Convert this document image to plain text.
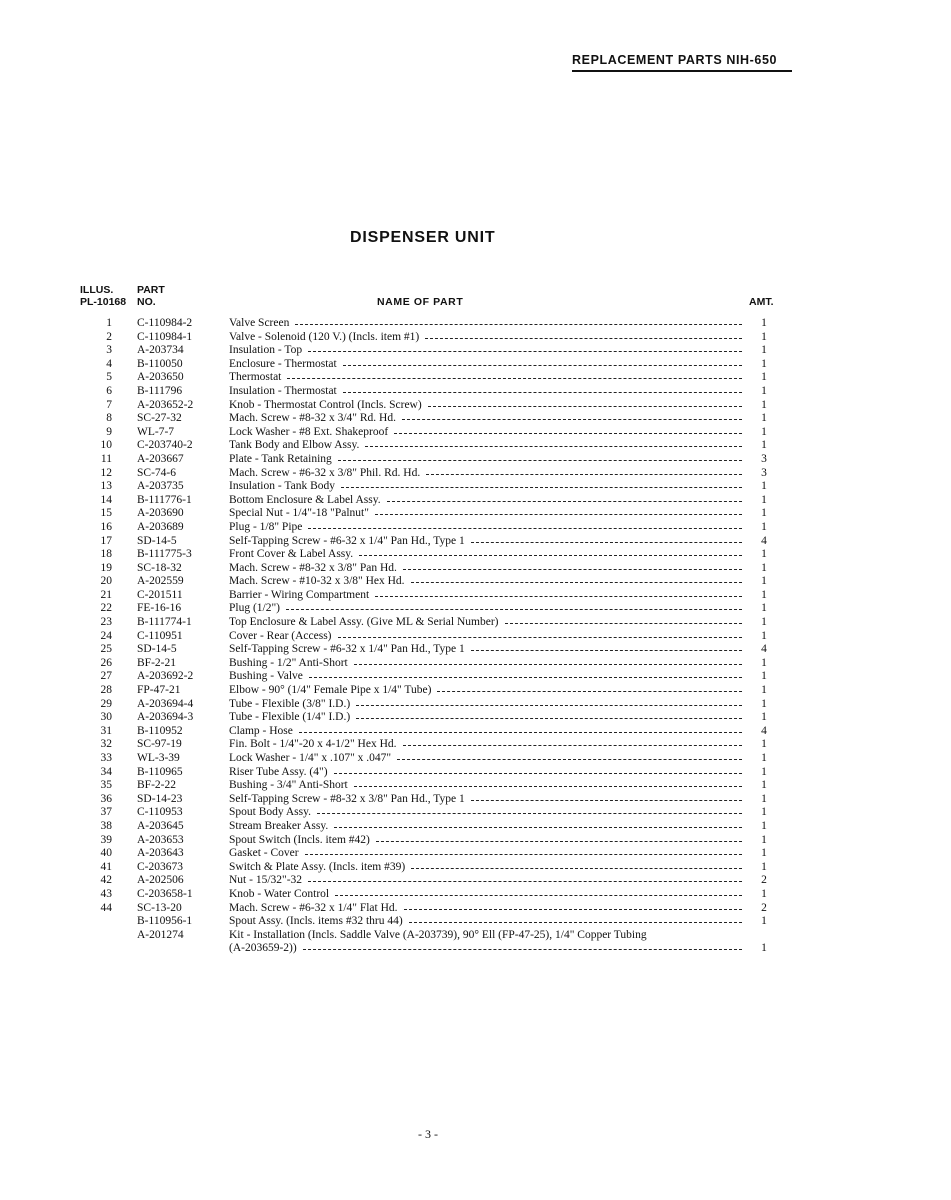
REPLACEMENT PARTS NIH-650
DISPENSER UNIT
ILLUS.
PL-10168
PART
NO.	NAME OF PART	AMT.
1 C-110984-2	Valve Screen	1
2 C-110984-1	Valve - Solenoid (120 V.) (Incls. item #1)	1
3 A-203734	Insulation - Top	1
4 B-110050	Enclosure - Thermostat	1
5 A-203650	Thermostat	1
6 B-111796	Insulation - Thermostat	1
7 A-203652-2	Knob - Thermostat Control (Incls. Screw)	1
8 SC-27-32	Mach. Screw - #8-32 x 3/4" Rd. Hd.	1
9 WL-7-7	Lock Washer - #8 Ext. Shakeproof	1
10 C-203740-2	Tank Body and Elbow Assy.	1
11 A-203667	Plate - Tank Retaining	3
12 SC-74-6	Mach. Screw - #6-32 x 3/8" Phil. Rd. Hd.	3
13 A-203735	Insulation - Tank Body	1
14 B-111776-1	Bottom Enclosure & Label Assy.	1
15 A-203690	Special Nut - 1/4"-18 "Palnut"	1
16 A-203689	Plug - 1/8" Pipe	1
17 SD-14-5	Self-Tapping Screw - #6-32 x 1/4" Pan Hd., Type 1	4
18 B-111775-3	Front Cover & Label Assy.	1
19 SC-18-32	Mach. Screw - #8-32 x 3/8" Pan Hd.	1
20 A-202559	Mach. Screw - #10-32 x 3/8" Hex Hd.	1
21 C-201511	Barrier - Wiring Compartment	1
22 FE-16-16	Plug (1/2")	1
23 B-111774-1	Top Enclosure & Label Assy. (Give ML & Serial Number)	1
24 C-110951	Cover - Rear (Access)	1
25 SD-14-5	Self-Tapping Screw - #6-32 x 1/4" Pan Hd., Type 1	4
26 BF-2-21	Bushing - 1/2" Anti-Short	1
27 A-203692-2	Bushing - Valve	1
28 FP-47-21	Elbow - 90° (1/4" Female Pipe x 1/4" Tube)	1
29 A-203694-4	Tube - Flexible (3/8" I.D.)	1
30 A-203694-3	Tube - Flexible (1/4" I.D.)	1
31 B-110952	Clamp - Hose	4
32 SC-97-19	Fin. Bolt - 1/4"-20 x 4-1/2" Hex Hd.	1
33 WL-3-39	Lock Washer - 1/4" x .107" x .047"	1
34 B-110965	Riser Tube Assy. (4")	1
35 BF-2-22	Bushing - 3/4" Anti-Short	1
36 SD-14-23	Self-Tapping Screw - #8-32 x 3/8" Pan Hd., Type 1	1
37 C-110953	Spout Body Assy.	1
38 A-203645	Stream Breaker Assy.	1
39 A-203653	Spout Switch (Incls. item #42)	1
40 A-203643	Gasket - Cover	1
41 C-203673	Switch & Plate Assy. (Incls. item #39)	1
42 A-202506	Nut - 15/32"-32	2
43 C-203658-1	Knob - Water Control	1
44 SC-13-20	Mach. Screw - #6-32 x 1/4" Flat Hd.	2
B-110956-1	Spout Assy. (Incls. items #32 thru 44)	1
A-201274	Kit - Installation (Incls. Saddle Valve (A-203739), 90° Ell (FP-47-25), 1/4" Copper Tubing
(A-203659-2))	1
- 3 -
